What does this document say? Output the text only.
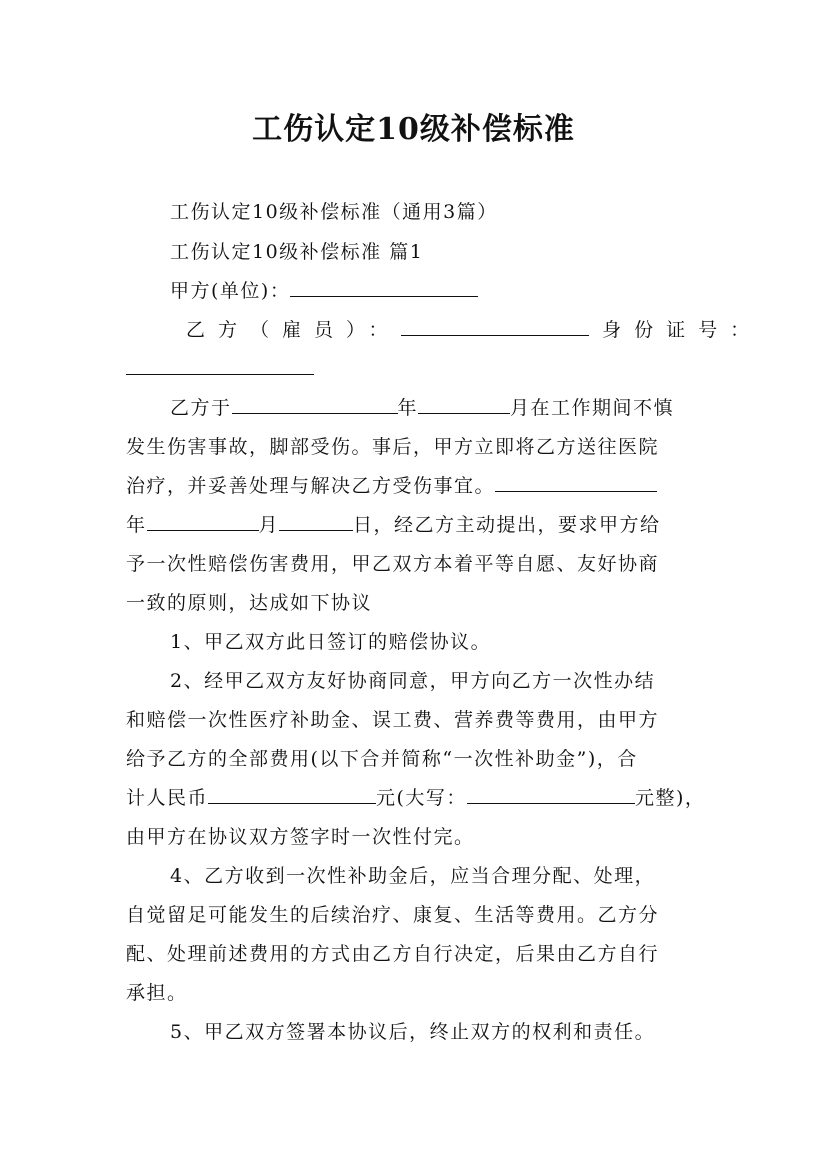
工伤认定10级补偿标准
工伤认定10级补偿标准（通用3篇）
工伤认定10级补偿标准 篇1
甲方(单位)：
乙方（雇员）：	身份证号：
乙方于	年	月在工作期间不慎
发生伤害事故，脚部受伤。事后，甲方立即将乙方送往医院
治疗，并妥善处理与解决乙方受伤事宜。
年	月	日，经乙方主动提出，要求甲方给
予一次性赔偿伤害费用，甲乙双方本着平等自愿、友好协商
一致的原则，达成如下协议
1、甲乙双方此日签订的赔偿协议。
2、经甲乙双方友好协商同意，甲方向乙方一次性办结
和赔偿一次性医疗补助金、误工费、营养费等费用，由甲方
给予乙方的全部费用(以下合并简称“一次性补助金”)，合
计人民币	元(大写：	元整)，
由甲方在协议双方签字时一次性付完。
4、乙方收到一次性补助金后，应当合理分配、处理，
自觉留足可能发生的后续治疗、康复、生活等费用。乙方分
配、处理前述费用的方式由乙方自行决定，后果由乙方自行
承担。
5、甲乙双方签署本协议后，终止双方的权利和责任。
